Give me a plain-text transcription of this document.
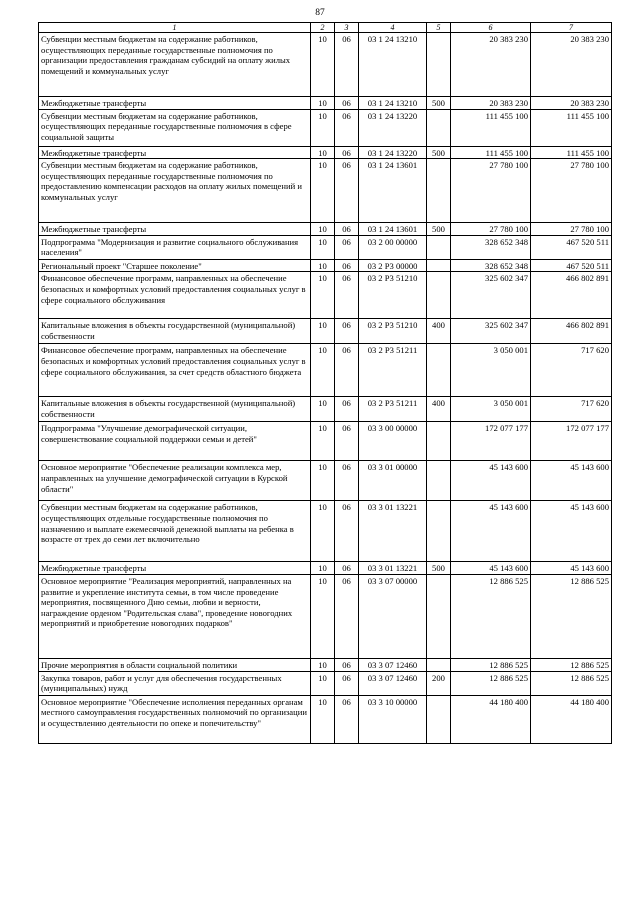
87
1	2	3	4	5	6	7
Субвенции местным бюджетам на содержание работников, осуществляющих переданные государственные полномочия по организации предоставления гражданам субсидий на оплату жилых помещений и коммунальных услуг	10	06	03 1 24 13210		20 383 230	20 383 230
Межбюджетные трансферты	10	06	03 1 24 13210	500	20 383 230	20 383 230
Субвенции местным бюджетам на содержание работников, осуществляющих переданные государственные полномочия в сфере социальной защиты	10	06	03 1 24 13220		111 455 100	111 455 100
Межбюджетные трансферты	10	06	03 1 24 13220	500	111 455 100	111 455 100
Субвенции местным бюджетам на содержание работников, осуществляющих переданные государственные полномочия по предоставлению компенсации расходов на оплату жилых помещений и коммунальных услуг	10	06	03 1 24 13601		27 780 100	27 780 100
Межбюджетные трансферты	10	06	03 1 24 13601	500	27 780 100	27 780 100
Подпрограмма "Модернизация и развитие социального обслуживания населения"	10	06	03 2 00 00000		328 652 348	467 520 511
Региональный проект "Старшее поколение"	10	06	03 2 P3 00000		328 652 348	467 520 511
Финансовое обеспечение программ, направленных на обеспечение безопасных и комфортных условий предоставления социальных услуг в сфере социального обслуживания	10	06	03 2 P3 51210		325 602 347	466 802 891
Капитальные вложения в объекты государственной (муниципальной) собственности	10	06	03 2 P3 51210	400	325 602 347	466 802 891
Финансовое обеспечение программ, направленных на обеспечение безопасных и комфортных условий предоставления социальных услуг в сфере социального обслуживания, за счет средств областного бюджета	10	06	03 2 P3 51211		3 050 001	717 620
Капитальные вложения в объекты государственной (муниципальной) собственности	10	06	03 2 P3 51211	400	3 050 001	717 620
Подпрограмма "Улучшение демографической ситуации, совершенствование социальной поддержки семьи и детей"	10	06	03 3 00 00000		172 077 177	172 077 177
Основное мероприятие "Обеспечение реализации комплекса мер, направленных на улучшение демографической ситуации в Курской области"	10	06	03 3 01 00000		45 143 600	45 143 600
Субвенции местным бюджетам на содержание работников, осуществляющих отдельные государственные полномочия по назначению и выплате ежемесячной денежной выплаты на ребенка в возрасте от трех до семи лет включительно	10	06	03 3 01 13221		45 143 600	45 143 600
Межбюджетные трансферты	10	06	03 3 01 13221	500	45 143 600	45 143 600
Основное мероприятие "Реализация мероприятий, направленных на развитие и укрепление института семьи, в том числе проведение мероприятия, посвященного Дню семьи, любви и верности, награждение орденом "Родительская слава", проведение новогодних мероприятий и приобретение новогодних подарков"	10	06	03 3 07 00000		12 886 525	12 886 525
Прочие мероприятия в области социальной политики	10	06	03 3 07 12460		12 886 525	12 886 525
Закупка товаров, работ и услуг для обеспечения государственных (муниципальных) нужд	10	06	03 3 07 12460	200	12 886 525	12 886 525
Основное мероприятие "Обеспечение исполнения переданных органам местного самоуправления государственных полномочий по организации и осуществлению деятельности по опеке и попечительству"	10	06	03 3 10 00000		44 180 400	44 180 400
